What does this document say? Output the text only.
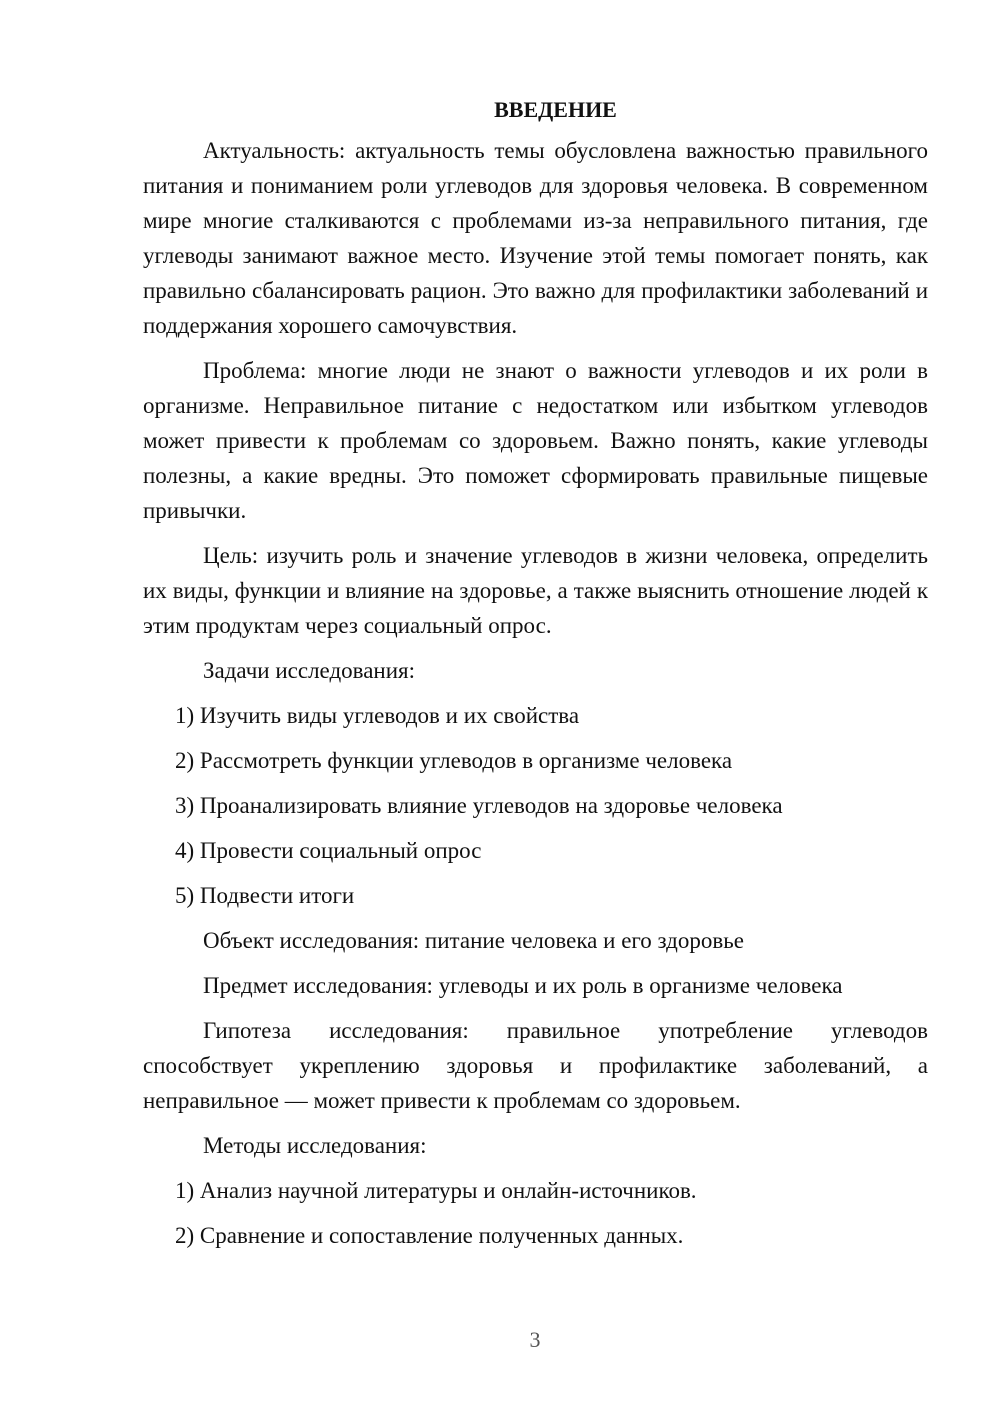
ВВЕДЕНИЕ

Актуальность: актуальность темы обусловлена важностью правильного питания и пониманием роли углеводов для здоровья человека. В современном мире многие сталкиваются с проблемами из-за неправильного питания, где углеводы занимают важное место. Изучение этой темы помогает понять, как правильно сбалансировать рацион. Это важно для профилактики заболеваний и поддержания хорошего самочувствия.

Проблема: многие люди не знают о важности углеводов и их роли в организме. Неправильное питание с недостатком или избытком углеводов может привести к проблемам со здоровьем. Важно понять, какие углеводы полезны, а какие вредны. Это поможет сформировать правильные пищевые привычки.

Цель: изучить роль и значение углеводов в жизни человека, определить их виды, функции и влияние на здоровье, а также выяснить отношение людей к этим продуктам через социальный опрос.

Задачи исследования:

1) Изучить виды углеводов и их свойства

2) Рассмотреть функции углеводов в организме человека

3) Проанализировать влияние углеводов на здоровье человека

4) Провести социальный опрос

5) Подвести итоги

Объект исследования: питание человека и его здоровье

Предмет исследования: углеводы и их роль в организме человека

Гипотеза исследования: правильное употребление углеводов способствует укреплению здоровья и профилактике заболеваний, а неправильное — может привести к проблемам со здоровьем.

Методы исследования:

1) Анализ научной литературы и онлайн-источников.

2) Сравнение и сопоставление полученных данных.

3
